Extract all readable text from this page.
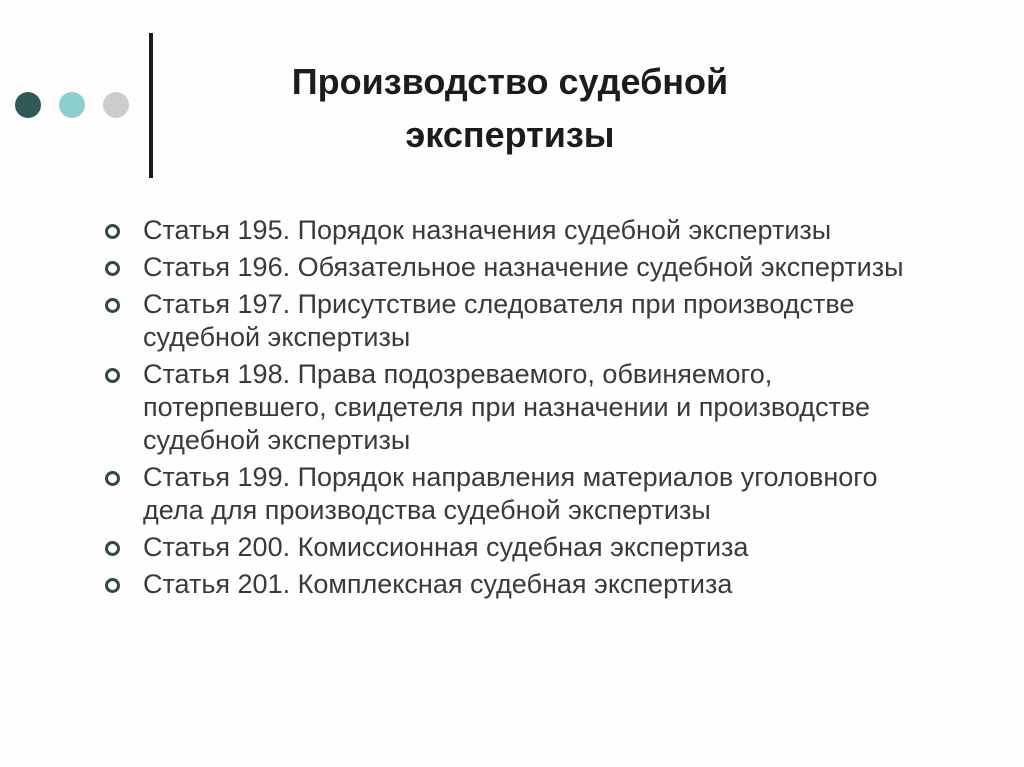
Производство судебной экспертизы
Статья 195. Порядок назначения судебной экспертизы
Статья 196. Обязательное назначение судебной экспертизы
Статья 197. Присутствие следователя при производстве судебной экспертизы
Статья 198. Права подозреваемого, обвиняемого, потерпевшего, свидетеля при назначении и производстве судебной экспертизы
Статья 199. Порядок направления материалов уголовного дела для производства судебной экспертизы
Статья 200. Комиссионная судебная экспертиза
Статья 201. Комплексная судебная экспертиза
